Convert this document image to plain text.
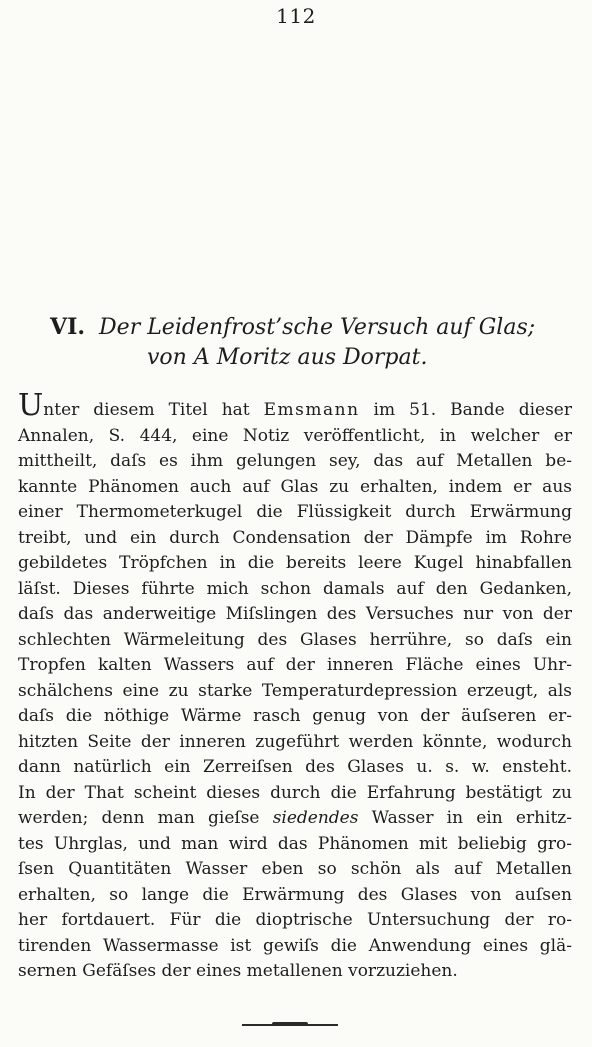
112
VI. Der Leidenfrost’sche Versuch auf Glas;
von A Moritz aus Dorpat.
Unter diesem Titel hat Emsmann im 51. Bande dieser
Annalen, S. 444, eine Notiz veröffentlicht, in welcher er
mittheilt, daſs es ihm gelungen sey, das auf Metallen be-
kannte Phänomen auch auf Glas zu erhalten, indem er aus
einer Thermometerkugel die Flüssigkeit durch Erwärmung
treibt, und ein durch Condensation der Dämpfe im Rohre
gebildetes Tröpfchen in die bereits leere Kugel hinabfallen
läſst. Dieses führte mich schon damals auf den Gedanken,
daſs das anderweitige Miſslingen des Versuches nur von der
schlechten Wärmeleitung des Glases herrühre, so daſs ein
Tropfen kalten Wassers auf der inneren Fläche eines Uhr-
schälchens eine zu starke Temperaturdepression erzeugt, als
daſs die nöthige Wärme rasch genug von der äuſseren er-
hitzten Seite der inneren zugeführt werden könnte, wodurch
dann natürlich ein Zerreiſsen des Glases u. s. w. ensteht.
In der That scheint dieses durch die Erfahrung bestätigt zu
werden; denn man gieſse siedendes Wasser in ein erhitz-
tes Uhrglas, und man wird das Phänomen mit beliebig gro-
ſsen Quantitäten Wasser eben so schön als auf Metallen
erhalten, so lange die Erwärmung des Glases von auſsen
her fortdauert. Für die dioptrische Untersuchung der ro-
tirenden Wassermasse ist gewiſs die Anwendung eines glä-
sernen Gefäſses der eines metallenen vorzuziehen.
